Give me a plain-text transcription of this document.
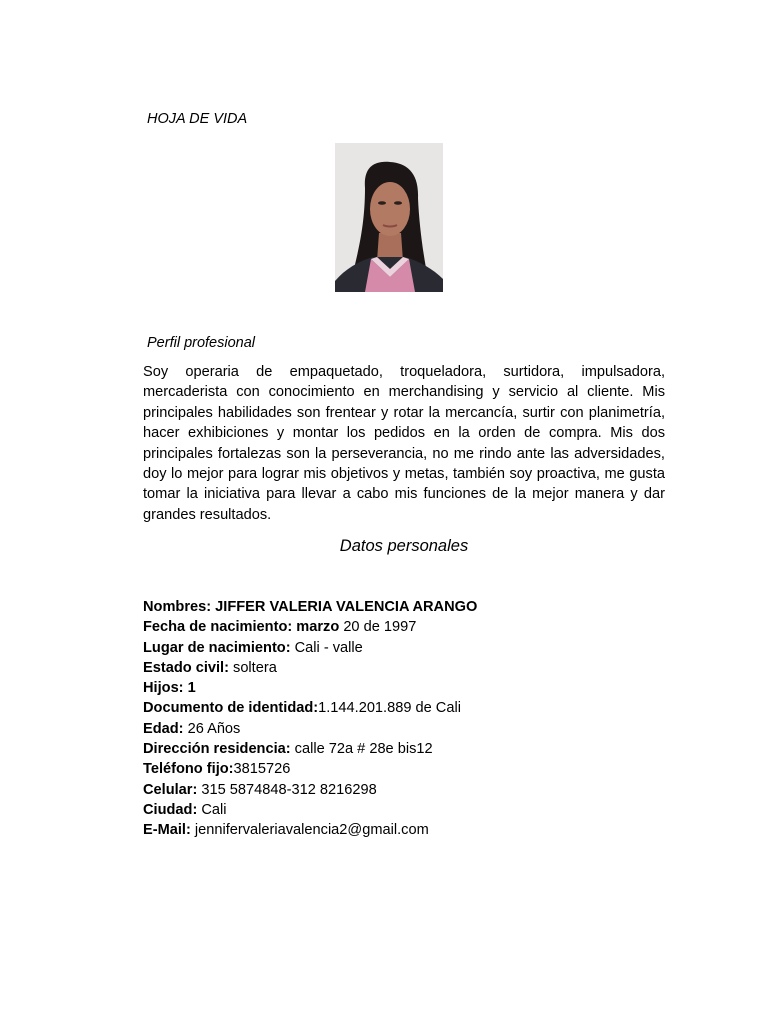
HOJA DE VIDA
Perfil profesional

Soy operaria de empaquetado, troqueladora, surtidora, impulsadora, mercaderista con conocimiento en merchandising y servicio al cliente. Mis principales habilidades son frentear y rotar la mercancía, surtir con planimetría, hacer exhibiciones y montar los pedidos en la orden de compra. Mis dos principales fortalezas son la perseverancia, no me rindo ante las adversidades, doy lo mejor para lograr mis objetivos y metas, también soy proactiva, me gusta tomar la iniciativa para llevar a cabo mis funciones de la mejor manera y dar grandes resultados.

Datos personales
Nombres: JIFFER VALERIA VALENCIA ARANGO
Fecha de nacimiento: marzo 20 de 1997
Lugar de nacimiento: Cali - valle
Estado civil: soltera
Hijos: 1
Documento de identidad:1.144.201.889 de Cali
Edad: 26 Años
Dirección residencia: calle 72a # 28e bis12
Teléfono fijo:3815726
Celular: 315 5874848-312 8216298
Ciudad: Cali
E-Mail: jennifervaleriavalencia2@gmail.com
